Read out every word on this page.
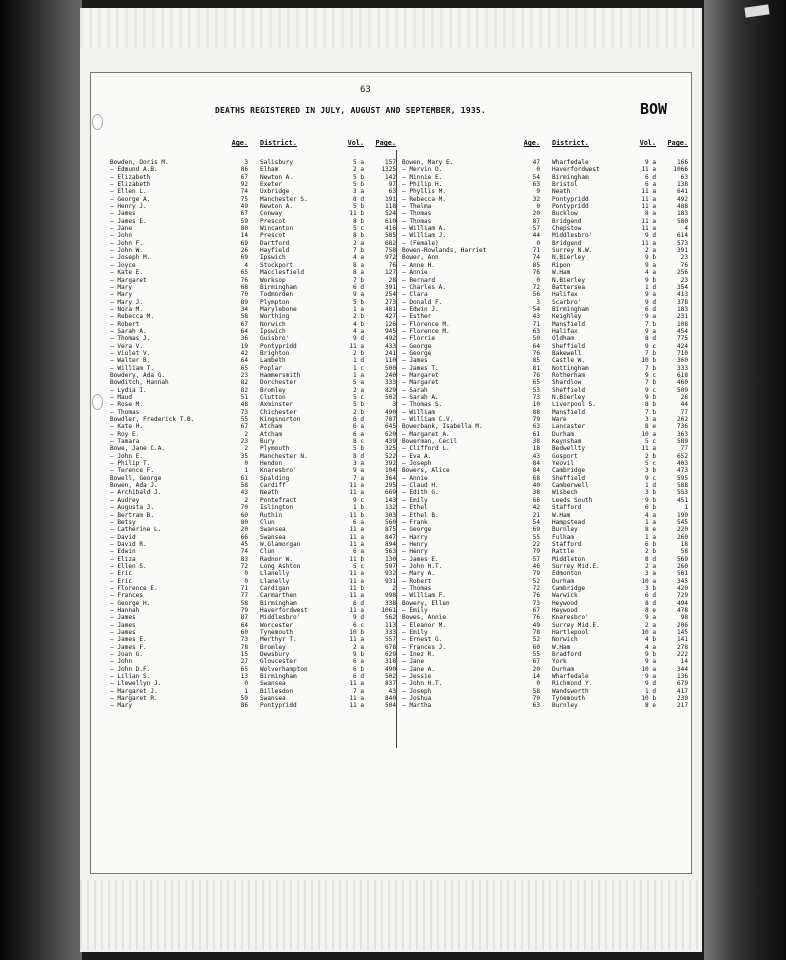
63
DEATHS REGISTERED IN JULY, AUGUST AND SEPTEMBER, 1935.	BOW
Age.	District.	Vol.	Page.
Bowden, Doris M.	3	Salisbury	5 a	157
— Edmund A.B.	86	Elham	2 a	1325
— Elizabeth	67	Newton A.	5 b	142
— Elizabeth	92	Exeter	5 b	97
— Ellen L.	74	Uxbridge	3 a	63
— George A.	75	Manchester S.	8 d	191
— Henry J.	49	Newton A.	5 b	118
— James	67	Conway	11 b	524
— James E.	59	Prescot	8 b	610
— Jane	80	Wincanton	5 c	416
— John	14	Prescot	8 b	585
— John F.	69	Dartford	2 a	682
— John W.	26	Hayfield	7 b	758
— Joseph M.	69	Ipswich	4 a	972
— Joyce	4	Stockport	8 a	76
— Kate E.	65	Macclesfield	8 a	127
— Margaret	76	Worksop	7 b	28
— Mary	68	Birmingham	6 d	391
— Mary	70	Todmorden	9 a	254
— Mary J.	89	Plympton	5 b	273
— Nora M.	34	Marylebone	1 a	481
— Rebecca M.	58	Worthing	2 b	427
— Robert	67	Norwich	4 b	126
— Sarah A.	64	Ipswich	4 a	945
— Thomas J.	36	Guisbro'	9 d	492
— Vera V.	19	Pontypridd	11 a	433
— Violet V.	42	Brighton	2 b	241
— Walter B.	64	Lambeth	1 d	110
— William T.	65	Poplar	1 c	500
Bowdery, Ada G.	23	Hammersmith	1 a	240
Bowditch, Hannah	82	Dorchester	5 a	333
— Lydia I.	82	Bromley	2 a	829
— Maud	51	Clutton	5 c	502
— Rose M.	48	Axminster	5 b	3
— Thomas	73	Chichester	2 b	490
Bowdler, Frederick T.B.	55	Kingsnorton	6 d	787
— Kate H.	67	Atcham	6 a	645
— Roy E.	2	Atcham	6 a	620
— Tamara	23	Bury	8 c	439
Bowe, Jane C.A.	2	Plymouth	5 b	325
— John E.	35	Manchester N.	8 d	522
— Philip T.	0	Hendon	3 a	392
— Terence F.	1	Knaresbro'	9 a	104
Bowell, George	61	Spalding	7 a	364
Bowen, Ada J.	58	Cardiff	11 a	295
— Archibald J.	43	Neath	11 a	669
— Audrey	2	Pontefract	9 c	143
— Augusta J.	70	Islington	1 b	132
— Bertram B.	60	Ruthin	11 b	303
— Betsy	80	Clun	6 a	560
— Catherine L.	20	Swansea	11 a	875
— David	66	Swansea	11 a	847
— David R.	45	W.Glamorgan	11 a	894
— Edwin	74	Clun	6 a	563
— Eliza	83	Radnor W.	11 b	130
— Ellen S.	72	Long Ashton	5 c	597
— Eric	0	Llanelly	11 a	932
— Eric	0	Llanelly	11 a	931
— Florence E.	71	Cardigan	11 b	2
— Frances	77	Carmarthen	11 a	998
— George H.	58	Birmingham	6 d	338
— Hannah	79	Haverfordwest	11 a	1061
— James	87	Middlesbro'	9 d	562
— James	64	Worcester	6 c	113
— James	60	Tynemouth	10 b	333
— James E.	73	Merthyr T.	11 a	557
— James F.	78	Bromley	2 a	678
— Joan G.	15	Dewsbury	9 b	629
— John	27	Gloucester	6 a	318
— John D.F.	65	Wolverhampton	6 b	490
— Lilian S.	13	Birmingham	6 d	502
— Llewellyn J.	0	Swansea	11 a	837
— Margaret J.	1	Billesdon	7 a	43
— Margaret R.	59	Swansea	11 a	840
— Mary	86	Pontypridd	11 a	504
Age.	District.	Vol.	Page.
Bowen, Mary E.	47	Wharfedale	9 a	166
— Mervin O.	0	Haverfordwest	11 a	1066
— Minnie E.	54	Birmingham	6 d	63
— Philip H.	63	Bristol	6 a	138
— Phyllis M.	9	Neath	11 a	641
— Rebecca M.	32	Pontypridd	11 a	492
— Thelma	0	Pontypridd	11 a	488
— Thomas	20	Bucklow	8 a	183
— Thomas	87	Bridgend	11 a	580
— William A.	57	Chepstow	11 a	4
— William J.	44	Middlesbro'	9 d	614
— (Female)	0	Bridgend	11 a	573
Bowen-Rowlands, Harriet	71	Surrey N.W.	2 a	391
Bower, Ann	74	N.Bierley	9 b	23
— Anne H.	85	Ripon	9 a	76
— Annie	76	W.Ham	4 a	256
— Bernard	0	N.Bierley	9 b	23
— Charles A.	72	Battersea	1 d	354
— Clara	56	Halifax	9 a	413
— Donald F.	3	Scarbro'	9 d	378
— Edwin J.	54	Birmingham	6 d	183
— Esther	43	Keighley	9 a	231
— Florence M.	71	Mansfield	7 b	108
— Florence M.	63	Halifax	9 a	454
— Florrie	50	Oldham	8 d	775
— George	64	Sheffield	9 c	424
— George	76	Bakewell	7 b	710
— James	85	Castle W.	10 b	360
— James T.	81	Nottingham	7 b	333
— Margaret	76	Rotherham	9 c	618
— Margaret	65	Shardlow	7 b	460
— Sarah	53	Sheffield	9 c	509
— Sarah A.	73	N.Bierley	9 b	26
— Thomas S.	10	Liverpool S.	8 b	44
— William	88	Mansfield	7 b	77
— William C.V.	79	Ware	3 a	262
Bowerbank, Isabella M.	63	Lancaster	8 e	736
— Margaret A.	61	Durham	10 a	363
Bowerman, Cecil	38	Keynsham	5 c	589
— Clifford L.	18	Bedwellty	11 a	77
— Eva A.	43	Gosport	2 b	652
— Joseph	84	Yeovil	5 c	403
Bowers, Alice	84	Cambridge	3 b	473
— Annie	68	Sheffield	9 c	595
— Claud H.	40	Camberwell	1 d	588
— Edith G.	38	Wisbech	3 b	553
— Emily	66	Leeds South	9 b	451
— Ethel	42	Stafford	6 b	1
— Ethel B.	21	W.Ham	4 a	190
— Frank	54	Hampstead	1 a	545
— George	69	Burnley	8 e	220
— Harry	55	Fulham	1 a	260
— Henry	22	Stafford	6 b	18
— Henry	79	Rattle	2 b	58
— James E.	57	Middleton	8 d	569
— John H.T.	46	Surrey Mid.E.	2 a	260
— Mary A.	79	Edmonton	3 a	561
— Robert	52	Durham	10 a	345
— Thomas	72	Cambridge	3 b	420
— William F.	76	Warwick	6 d	729
Bowery, Ellen	73	Heywood	8 d	494
— Emily	67	Heywood	8 e	478
Bowes, Annie	76	Knaresbro'	9 a	98
— Eleanor M.	49	Surrey Mid.E.	2 a	206
— Emily	78	Hartlepool	10 a	145
— Ernest G.	52	Norwich	4 b	141
— Frances J.	60	W.Ham	4 a	278
— Inez R.	55	Bradford	9 b	222
— Jane	67	York	9 a	14
— Jane A.	20	Durham	10 a	344
— Jessie	14	Wharfedale	9 a	136
— John H.T.	0	Richmond Y.	9 d	679
— Joseph	58	Wandsworth	1 d	417
— Joshua	70	Tynemouth	10 b	239
— Martha	63	Burnley	8 e	217
